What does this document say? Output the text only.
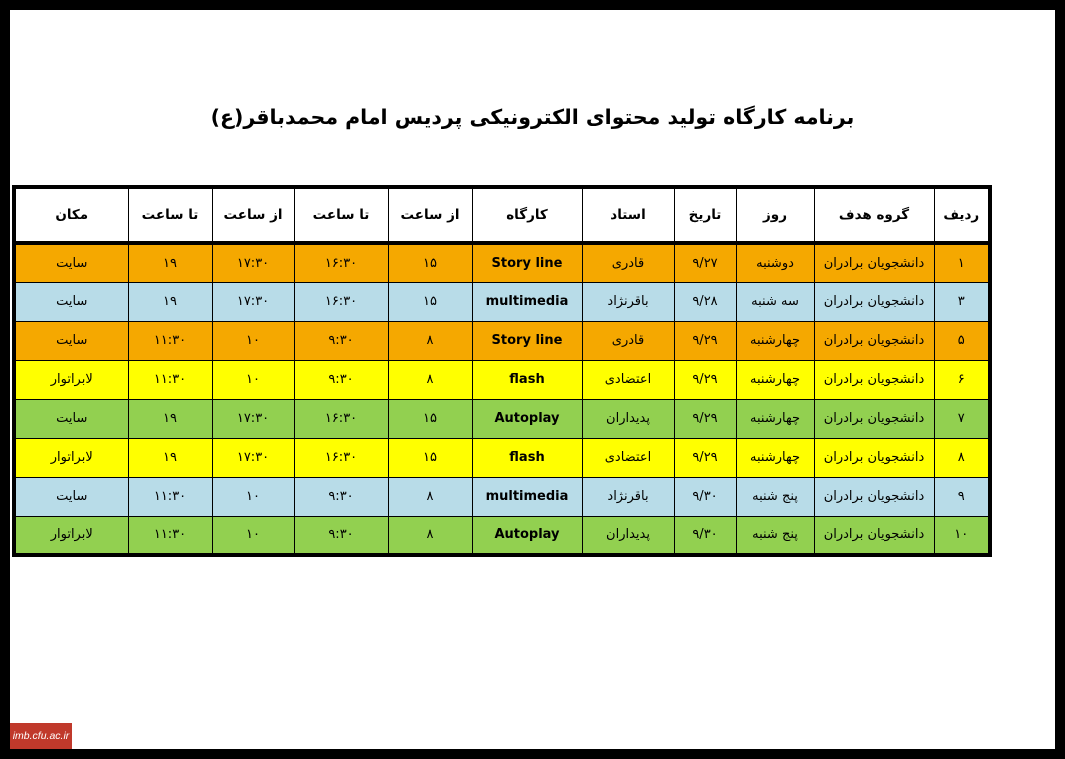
برنامه کارگاه تولید محتوای الکترونیکی پردیس امام محمدباقر(ع)
ردیف	گروه هدف	روز	تاریخ	استاد	کارگاه	از ساعت	تا ساعت	از ساعت	تا ساعت	مکان
۱	دانشجویان برادران	دوشنبه	۹/۲۷	قادری	Story line	۱۵	۱۶:۳۰	۱۷:۳۰	۱۹	سایت
۳	دانشجویان برادران	سه شنبه	۹/۲۸	باقرنژاد	multimedia	۱۵	۱۶:۳۰	۱۷:۳۰	۱۹	سایت
۵	دانشجویان برادران	چهارشنبه	۹/۲۹	قادری	Story line	۸	۹:۳۰	۱۰	۱۱:۳۰	سایت
۶	دانشجویان برادران	چهارشنبه	۹/۲۹	اعتضادی	flash	۸	۹:۳۰	۱۰	۱۱:۳۰	لابراتوار
۷	دانشجویان برادران	چهارشنبه	۹/۲۹	پدیداران	Autoplay	۱۵	۱۶:۳۰	۱۷:۳۰	۱۹	سایت
۸	دانشجویان برادران	چهارشنبه	۹/۲۹	اعتضادی	flash	۱۵	۱۶:۳۰	۱۷:۳۰	۱۹	لابراتوار
۹	دانشجویان برادران	پنج شنبه	۹/۳۰	باقرنژاد	multimedia	۸	۹:۳۰	۱۰	۱۱:۳۰	سایت
۱۰	دانشجویان برادران	پنج شنبه	۹/۳۰	پدیداران	Autoplay	۸	۹:۳۰	۱۰	۱۱:۳۰	لابراتوار
imb.cfu.ac.ir
